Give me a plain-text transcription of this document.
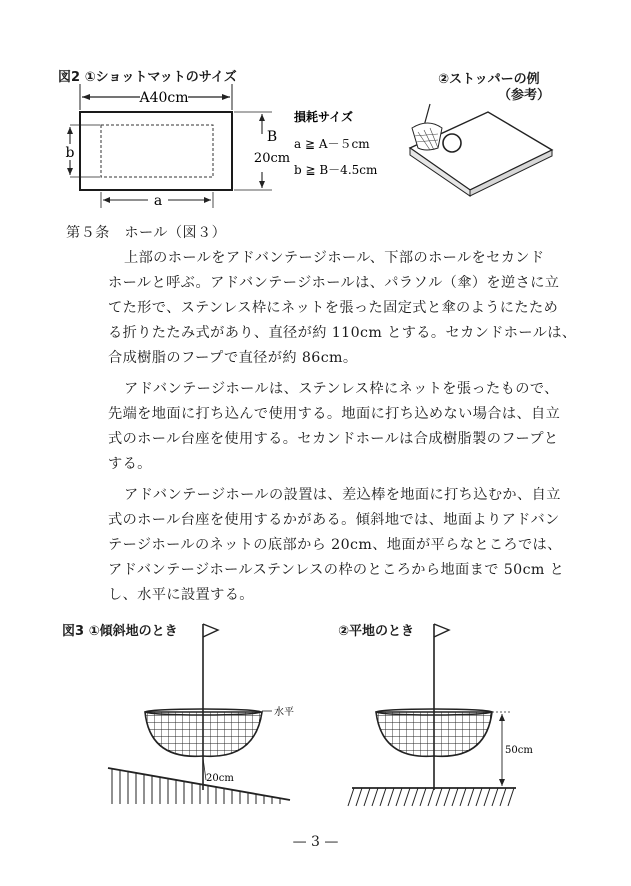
図2 ①ショットマットのサイズ	②ストッパーの例
（参考）
A40cm
b
B
20cm
a
損耗サイズ
a ≧ A－５cm
b ≧ B－4.5cm
第５条　ホール（図３）
上部のホールをアドバンテージホール、下部のホールをセカンド
ホールと呼ぶ。アドバンテージホールは、パラソル（傘）を逆さに立
てた形で、ステンレス枠にネットを張った固定式と傘のようにたため
る折りたたみ式があり、直径が約 110cm とする。セカンドホールは、
合成樹脂のフープで直径が約 86cm。
アドバンテージホールは、ステンレス枠にネットを張ったもので、
先端を地面に打ち込んで使用する。地面に打ち込めない場合は、自立
式のホール台座を使用する。セカンドホールは合成樹脂製のフープと
する。
アドバンテージホールの設置は、差込棒を地面に打ち込むか、自立
式のホール台座を使用するかがある。傾斜地では、地面よりアドバン
テージホールのネットの底部から 20cm、地面が平らなところでは、
アドバンテージホールステンレスの枠のところから地面まで 50cm と
し、水平に設置する。
図3 ①傾斜地のとき	②平地のとき
水平
20cm
50cm
— 3 —
